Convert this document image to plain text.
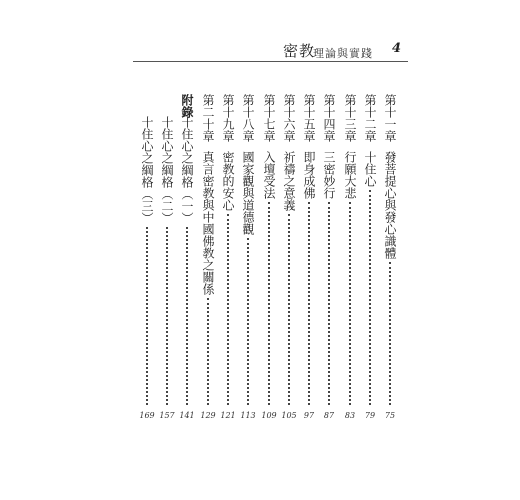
密教
理論與實踐 4
第十一章
發菩提心與發心識體
75
第十二章
十住心
79
第十三章
行願大悲
83
第十四章
三密妙行
87
第十五章
即身成佛
97
第十六章
祈禱之意義
105
第十七章
入壇受法
109
第十八章
國家觀與道德觀
113
第十九章
密教的安心
121
第二十章
真言密教與中國佛教之關係
129
附錄
十住心之綱格（一）
141
十住心之綱格（二）
157
十住心之綱格（三）
169
